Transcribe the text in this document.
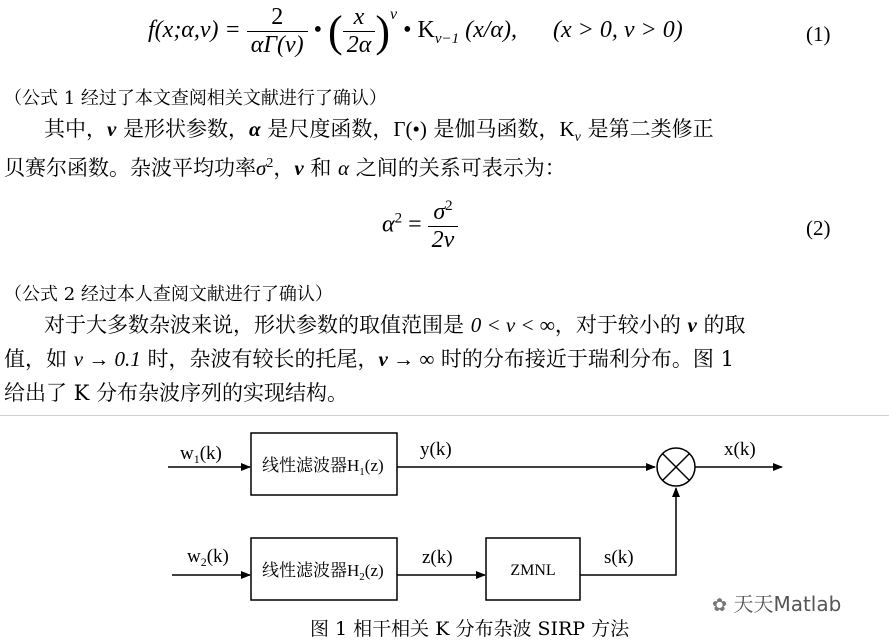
f(x;α,ν) = $\frac{2}{\alpha\Gamma(\nu)}$ • ( $\frac{x}{2\alpha} )^\nu$ • $K_{\nu-1}$ (x/α), (x > 0, ν > 0)	(1)
（公式 1 经过了本文查阅相关文献进行了确认）
其中，ν 是形状参数，α 是尺度函数，Γ(•) 是伽马函数，$K_\nu$ 是第二类修正
贝赛尔函数。杂波平均功率$\sigma^2$，ν 和 α 之间的关系可表示为：
$\alpha^2 = \frac{\sigma^2}{2\nu}$	(2)
（公式 2 经过本人查阅文献进行了确认）
对于大多数杂波来说，形状参数的取值范围是 0 < ν < ∞，对于较小的 ν 的取
值，如 ν → 0.1 时，杂波有较长的托尾，ν → ∞ 时的分布接近于瑞利分布。图 1
给出了 K 分布杂波序列的实现结构。
$w_1(k)$
线性滤波器$H_1(z)$
y(k)	x(k)
$w_2(k)$
线性滤波器$H_2(z)$
z(k)
ZMNL
s(k)
图 1 相干相关 K 分布杂波 SIRP 方法
✿ 天天Matlab
